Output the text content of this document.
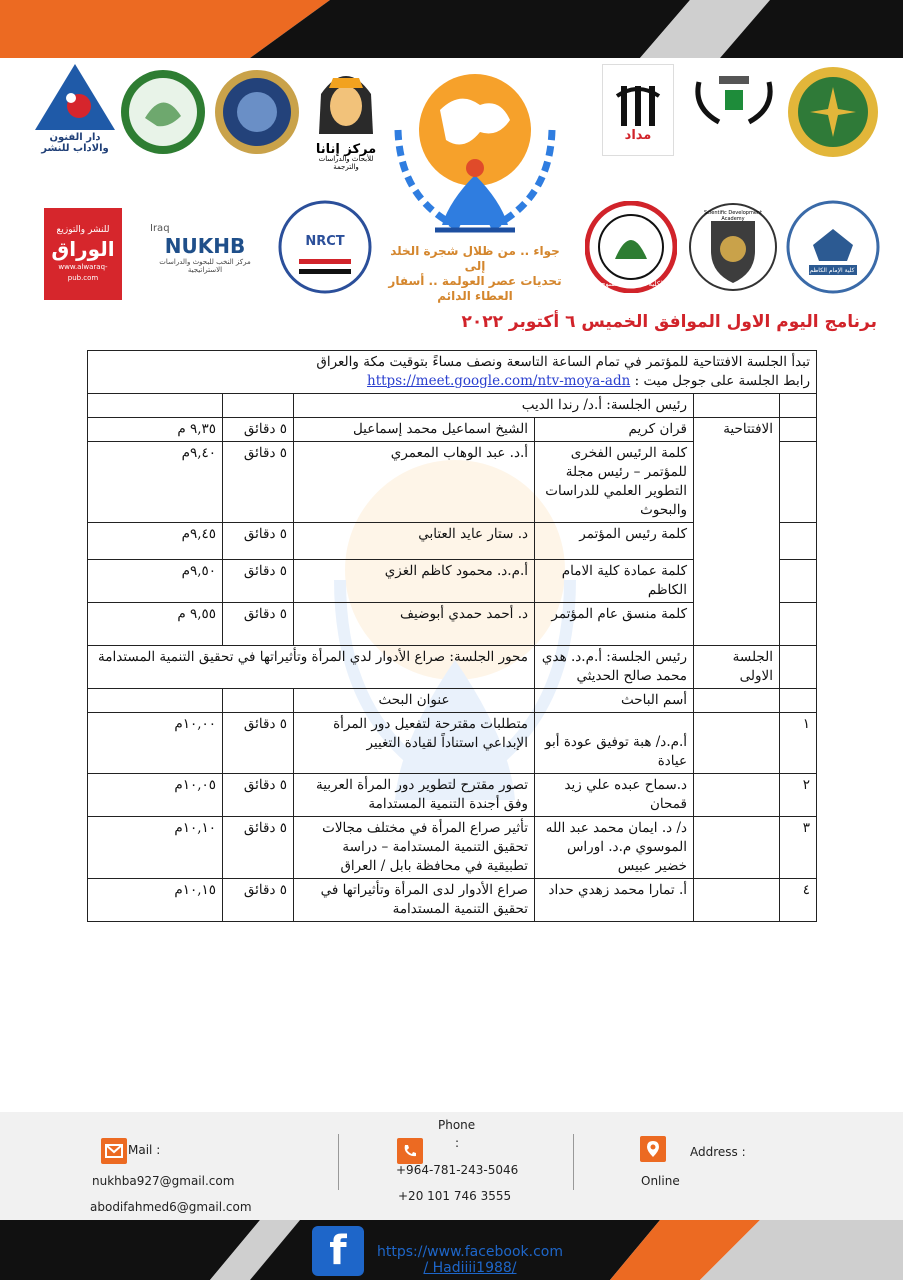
دار الفنون والاداب للنشر	مركز إنانا
للأبحاث والدراسات والترجمة
جواء .. من ظلال شجرة الخلد إلى
تحديات عصر العولمة .. أسفار
العطاء الدائم
مداد
للنشر والتوزيع
الوراق
www.alwaraq-pub.com
Iraq
NUKHB
مركز النخب للبحوث والدراسات الاستراتيجية
NRCT
الكلية التربوية المفتوحة
Scientific Development Academy
كلية الإمام الكاظم
برنامج اليوم الاول الموافق الخميس ٦ أكتوبر ٢٠٢٢
تبدأ الجلسة الافتتاحية للمؤتمر في تمام الساعة التاسعة ونصف مساءً بتوقيت مكة والعراق
رابط الجلسة على جوجل ميت : https://meet.google.com/ntv-moya-adn					

		رئيس الجلسة: أ.د/ رندا الديب			
	الافتتاحية	قران كريم	الشيخ اسماعيل محمد إسماعيل	٥ دقائق	٩,٣٥ م
		كلمة الرئيس الفخرى للمؤتمر – رئيس مجلة التطوير العلمي للدراسات والبحوث	أ.د. عبد الوهاب المعمري	٥ دقائق	٩,٤٠م
		كلمة رئيس المؤتمر	د. ستار عايد العتابي	٥ دقائق	٩,٤٥م
		كلمة عمادة كلية الامام الكاظم	أ.م.د. محمود كاظم الغزي	٥ دقائق	٩,٥٠م
		كلمة منسق عام المؤتمر	د. أحمد حمدي أبوضيف	٥ دقائق	٩,٥٥ م
	الجلسة الاولى	رئيس الجلسة: أ.م.د. هدي محمد صالح الحديثي	محور الجلسة: صراع الأدوار لدي المرأة وتأثيراتها في تحقيق التنمية المستدامة		
		أسم الباحث	عنوان البحث		
١		أ.م.د/ هبة توفيق عودة أبو عيادة	متطلبات مقترحة لتفعيل دور المرأة الإبداعي استناداً لقيادة التغيير	٥ دقائق	١٠,٠٠م
٢		د.سماح عبده علي زيد قمحان	تصور مقترح لتطوير دور المرأة العربية وفق أجندة التنمية المستدامة	٥ دقائق	١٠,٠٥م
٣		د/ د. ايمان محمد عبد الله الموسوي م.د. اوراس خضير عبيس	تأثير صراع المرأة في مختلف مجالات تحقيق التنمية المستدامة – دراسة تطبيقية في محافظة بابل / العراق	٥ دقائق	١٠,١٠م
٤		أ. تمارا محمد زهدي حداد	صراع الأدوار لدى المرأة وتأثيراتها في تحقيق التنمية المستدامة	٥ دقائق	١٠,١٥م
Mail :
nukhba927@gmail.com
abodifahmed6@gmail.com
Phone
:
+964-781-243-5046
+20 101 746 3555
Address :
Online
f	https://www.facebook.com
/ Hadiiii1988/
